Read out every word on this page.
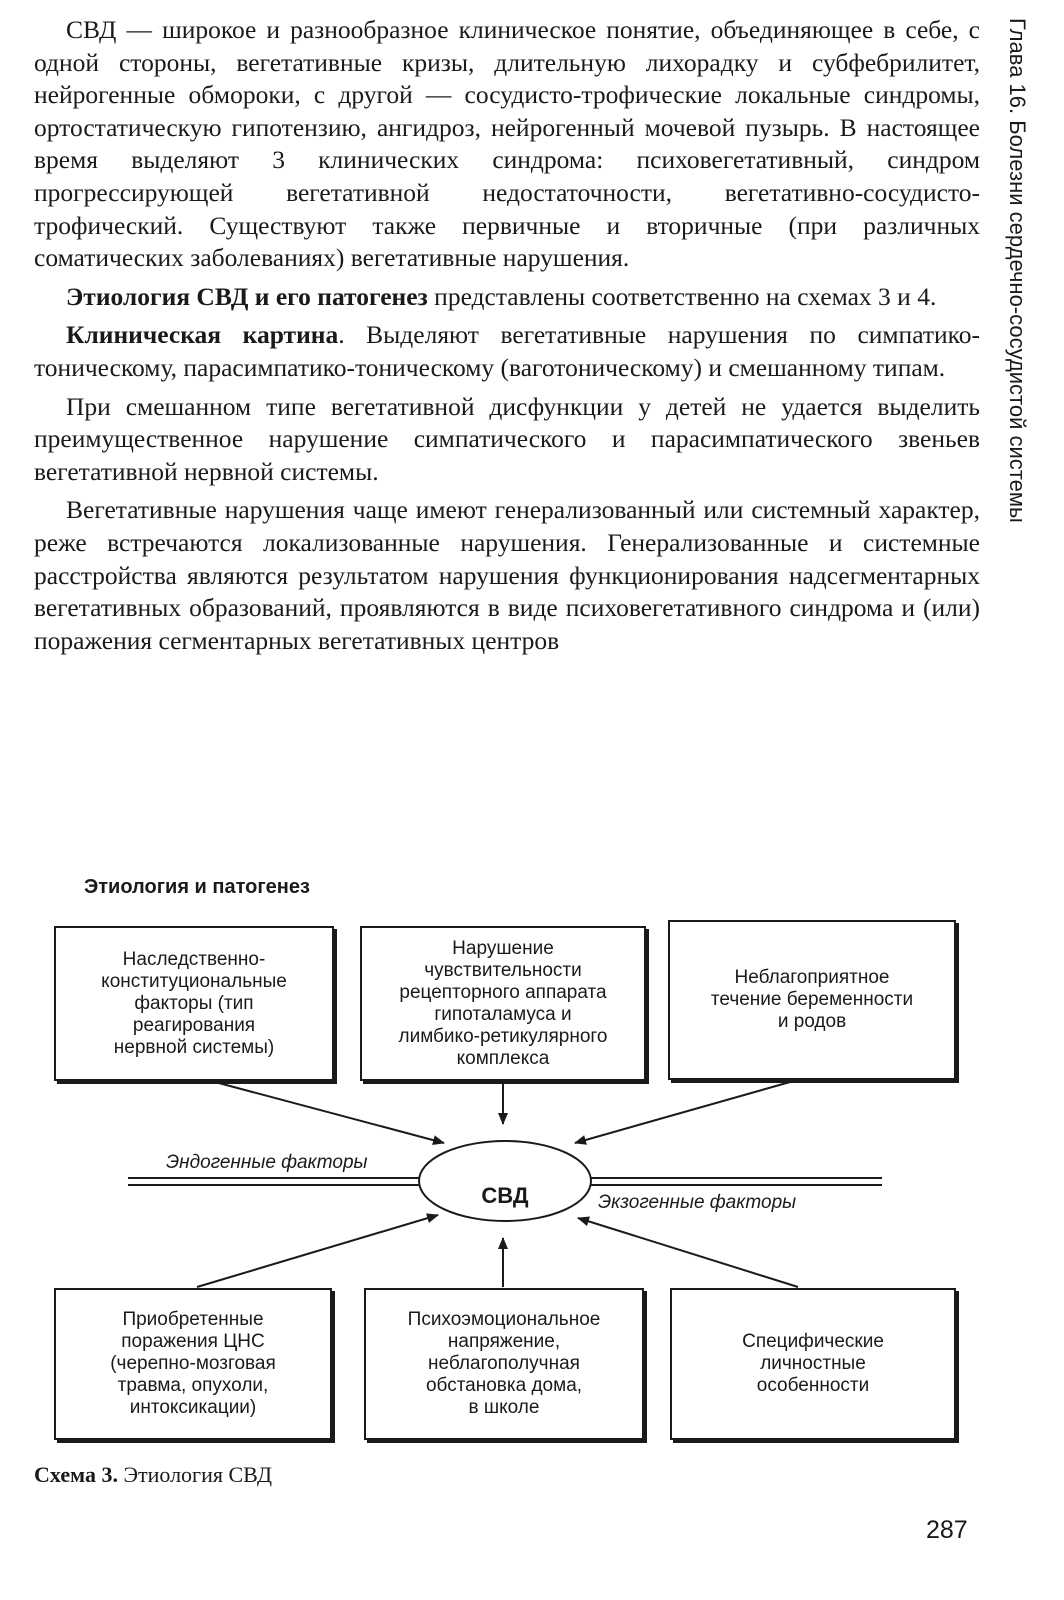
Глава 16. Болезни сердечно-сосудистой системы

СВД — широкое и разнообразное клиническое понятие, объединяющее в себе, с одной стороны, вегетативные кризы, длительную лихорадку и субфебрилитет, нейрогенные обмороки, с другой — сосудисто-трофические локальные синдромы, ортостатическую гипотензию, ангидроз, нейрогенный мочевой пузырь. В настоящее время выделяют 3 клинических синдрома: психовегетативный, синдром прогрессирующей вегетативной недостаточности, вегетативно-сосудисто-трофический. Существуют также первичные и вторичные (при различных соматических заболеваниях) вегетативные нарушения.

Этиология СВД и его патогенез представлены соответственно на схемах 3 и 4.

Клиническая картина. Выделяют вегетативные нарушения по симпатико-тоническому, парасимпатико-тоническому (ваготоническому) и смешанному типам.

При смешанном типе вегетативной дисфункции у детей не удается выделить преимущественное нарушение симпатического и парасимпатического звеньев вегетативной нервной системы.

Вегетативные нарушения чаще имеют генерализованный или системный характер, реже встречаются локализованные нарушения. Генерализованные и системные расстройства являются результатом нарушения функционирования надсегментарных вегетативных образований, проявляются в виде психовегетативного синдрома и (или) поражения сегментарных вегетативных центров

Этиология и патогенез
Наследственно-
конституциональные
факторы (тип
реагирования
нервной системы)
Нарушение
чувствительности
рецепторного аппарата
гипоталамуса и
лимбико-ретикулярного
комплекса
Неблагоприятное
течение беременности
и родов
Приобретенные
поражения ЦНС
(черепно-мозговая
травма, опухоли,
интоксикации)
Психоэмоциональное
напряжение,
неблагополучная
обстановка дома,
в школе
Специфические
личностные
особенности
СВД
Эндогенные факторы
Экзогенные факторы
Схема 3. Этиология СВД
287
